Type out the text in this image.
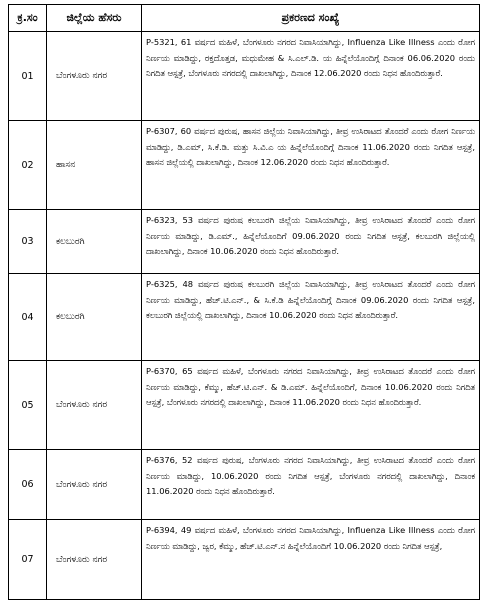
ಕ್ರ.ಸಂ	ಜಿಲ್ಲೆಯ ಹೆಸರು	ಪ್ರಕರಣದ ಸಂಖ್ಯೆ
01	ಬೆಂಗಳೂರು ನಗರ	P-5321, 61 ವರ್ಷದ ಮಹಿಳೆ, ಬೆಂಗಳೂರು ನಗರದ ನಿವಾಸಿಯಾಗಿದ್ದು, Influenza Like Illness ಎಂದು ರೋಗ ನಿರ್ಣಯ ಮಾಡಿದ್ದು, ರಕ್ತದೊತ್ತಡ, ಮಧುಮೇಹ & ಸಿ.ಎಲ್.ಡಿ. ಯ ಹಿನ್ನೆಲೆಯೊಂದಿಗ್ಗೆ ದಿನಾಂಕ 06.06.2020 ರಂದು ನಿಗದಿತ ಆಸ್ಪತ್ರೆ, ಬೆಂಗಳೂರು ನಗರದಲ್ಲಿ ದಾಖಲಾಗಿದ್ದು, ದಿನಾಂಕ 12.06.2020 ರಂದು ನಿಧನ ಹೊಂದಿರುತ್ತಾರೆ.
02	ಹಾಸನ	P-6307, 60 ವರ್ಷದ ಪುರುಷ, ಹಾಸನ ಜಿಲ್ಲೆಯ ನಿವಾಸಿಯಾಗಿದ್ದು, ತೀವ್ರ ಉಸಿರಾಟದ ತೊಂದರೆ ಎಂದು ರೋಗ ನಿರ್ಣಯ ಮಾಡಿದ್ದು, ಡಿ.ಎಮ್, ಸಿ.ಕೆ.ಡಿ. ಮತ್ತು ಸಿ.ವಿ.ಎ ಯ ಹಿನ್ನೆಲೆಯೊಂದಿಗ್ಗೆ ದಿನಾಂಕ 11.06.2020 ರಂದು ನಿಗದಿತ ಆಸ್ಪತ್ರೆ, ಹಾಸನ ಜಿಲ್ಲೆಯಲ್ಲಿ ದಾಖಲಾಗಿದ್ದು, ದಿನಾಂಕ 12.06.2020 ರಂದು ನಿಧನ ಹೊಂದಿರುತ್ತಾರೆ.
03	ಕಲಬುರಗಿ	P-6323, 53 ವರ್ಷದ ಪುರುಷ ಕಲಬುರಗಿ ಜಿಲ್ಲೆಯ ನಿವಾಸಿಯಾಗಿದ್ದು, ತೀವ್ರ ಉಸಿರಾಟದ ತೊಂದರೆ ಎಂದು ರೋಗ ನಿರ್ಣಯ ಮಾಡಿದ್ದು, ಡಿ.ಎಮ್., ಹಿನ್ನೆಲೆಯೊಂದಿಗೆ 09.06.2020 ರಂದು ನಿಗದಿತ ಆಸ್ಪತ್ರೆ, ಕಲಬುರಗಿ ಜಿಲ್ಲೆಯಲ್ಲಿ ದಾಖಲಾಗಿದ್ದು, ದಿನಾಂಕ 10.06.2020 ರಂದು ನಿಧನ ಹೊಂದಿರುತ್ತಾರೆ.
04	ಕಲಬುರಗಿ	P-6325, 48 ವರ್ಷದ ಪುರುಷ ಕಲಬುರಗಿ ಜಿಲ್ಲೆಯ ನಿವಾಸಿಯಾಗಿದ್ದು, ತೀವ್ರ ಉಸಿರಾಟದ ತೊಂದರೆ ಎಂದು ರೋಗ ನಿರ್ಣಯ ಮಾಡಿದ್ದು, ಹೆಚ್.ಟಿ.ಎನ್., & ಸಿ.ಕೆ.ಡಿ ಹಿನ್ನೆಲೆಯೊಂದಿಗ್ಗೆ ದಿನಾಂಕ 09.06.2020 ರಂದು ನಿಗದಿತ ಆಸ್ಪತ್ರೆ, ಕಲಬುರಗಿ ಜಿಲ್ಲೆಯಲ್ಲಿ ದಾಖಲಾಗಿದ್ದು, ದಿನಾಂಕ 10.06.2020 ರಂದು ನಿಧನ ಹೊಂದಿರುತ್ತಾರೆ.
05	ಬೆಂಗಳೂರು ನಗರ	P-6370, 65 ವರ್ಷದ ಮಹಿಳೆ, ಬೆಂಗಳೂರು ನಗರದ ನಿವಾಸಿಯಾಗಿದ್ದು, ತೀವ್ರ ಉಸಿರಾಟದ ತೊಂದರೆ ಎಂದು ರೋಗ ನಿರ್ಣಯ ಮಾಡಿದ್ದು, ಕೆಮ್ಮು, ಹೆಚ್.ಟಿ.ಎನ್. & ಡಿ.ಎಮ್. ಹಿನ್ನೆಲೆಯೊಂದಿಗೆ, ದಿನಾಂಕ 10.06.2020 ರಂದು ನಿಗದಿತ ಆಸ್ಪತ್ರೆ, ಬೆಂಗಳೂರು ನಗರದಲ್ಲಿ ದಾಖಲಾಗಿದ್ದು, ದಿನಾಂಕ 11.06.2020 ರಂದು ನಿಧನ ಹೊಂದಿರುತ್ತಾರೆ.
06	ಬೆಂಗಳೂರು ನಗರ	P-6376, 52 ವರ್ಷದ ಪುರುಷ, ಬೆಂಗಳೂರು ನಗರದ ನಿವಾಸಿಯಾಗಿದ್ದು, ತೀವ್ರ ಉಸಿರಾಟದ ತೊಂದರೆ ಎಂದು ರೋಗ ನಿರ್ಣಯ ಮಾಡಿದ್ದು, 10.06.2020 ರಂದು ನಿಗದಿತ ಆಸ್ಪತ್ರೆ, ಬೆಂಗಳೂರು ನಗರದಲ್ಲಿ ದಾಖಲಾಗಿದ್ದು, ದಿನಾಂಕ 11.06.2020 ರಂದು ನಿಧನ ಹೊಂದಿರುತ್ತಾರೆ.
07	ಬೆಂಗಳೂರು ನಗರ	P-6394, 49 ವರ್ಷದ ಮಹಿಳೆ, ಬೆಂಗಳೂರು ನಗರದ ನಿವಾಸಿಯಾಗಿದ್ದು, Influenza Like Illness ಎಂದು ರೋಗ ನಿರ್ಣಯ ಮಾಡಿದ್ದು, ಜ್ವರ, ಕೆಮ್ಮು, ಹೆಚ್.ಟಿ.ಎನ್.ನ ಹಿನ್ನೆಲೆಯೊಂದಿಗೆ 10.06.2020 ರಂದು ನಿಗದಿತ ಆಸ್ಪತ್ರೆ,
